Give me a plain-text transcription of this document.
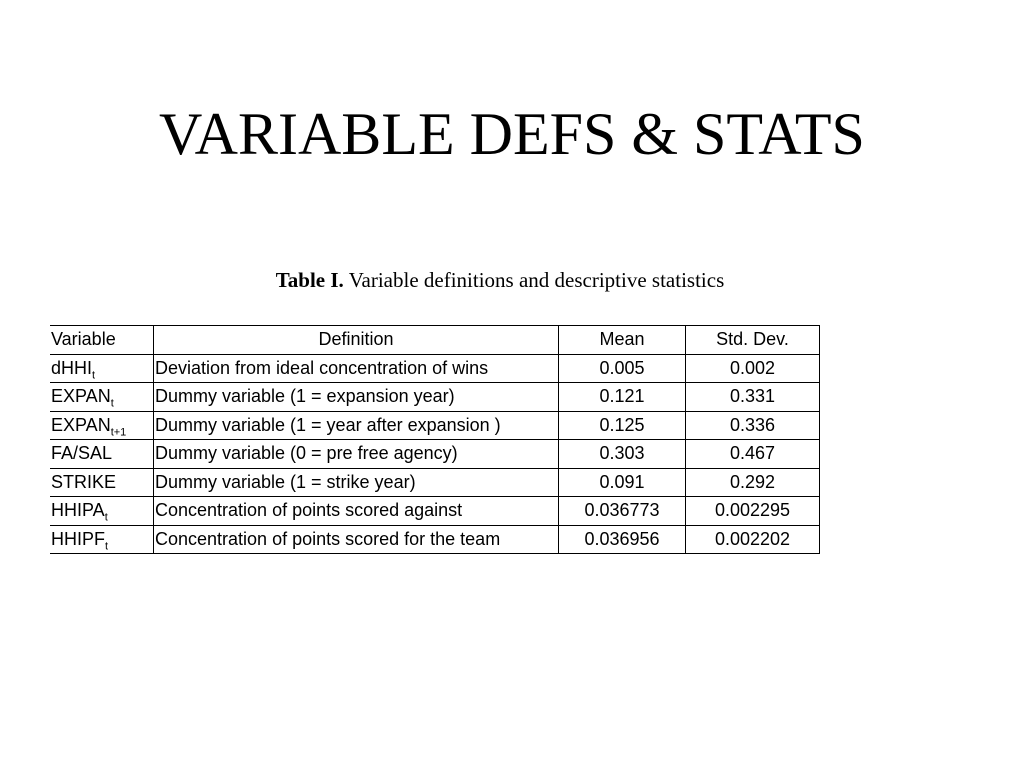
VARIABLE DEFS & STATS
Table I. Variable definitions and descriptive statistics
Variable	Definition	Mean	Std. Dev.
dHHI$_t$	Deviation from ideal concentration of wins	0.005	0.002
$EXPAN_t$	Dummy variable (1 = expansion year)	0.121	0.331
$EXPAN_{t+1}$	Dummy variable (1 = year after expansion )	0.125	0.336
FA/SAL	Dummy variable (0 = pre free agency)	0.303	0.467
STRIKE	Dummy variable (1 = strike year)	0.091	0.292
$HHIPA_t$	Concentration of points scored against	0.036773	0.002295
$HHIPF_t$	Concentration of points scored for the team	0.036956	0.002202
